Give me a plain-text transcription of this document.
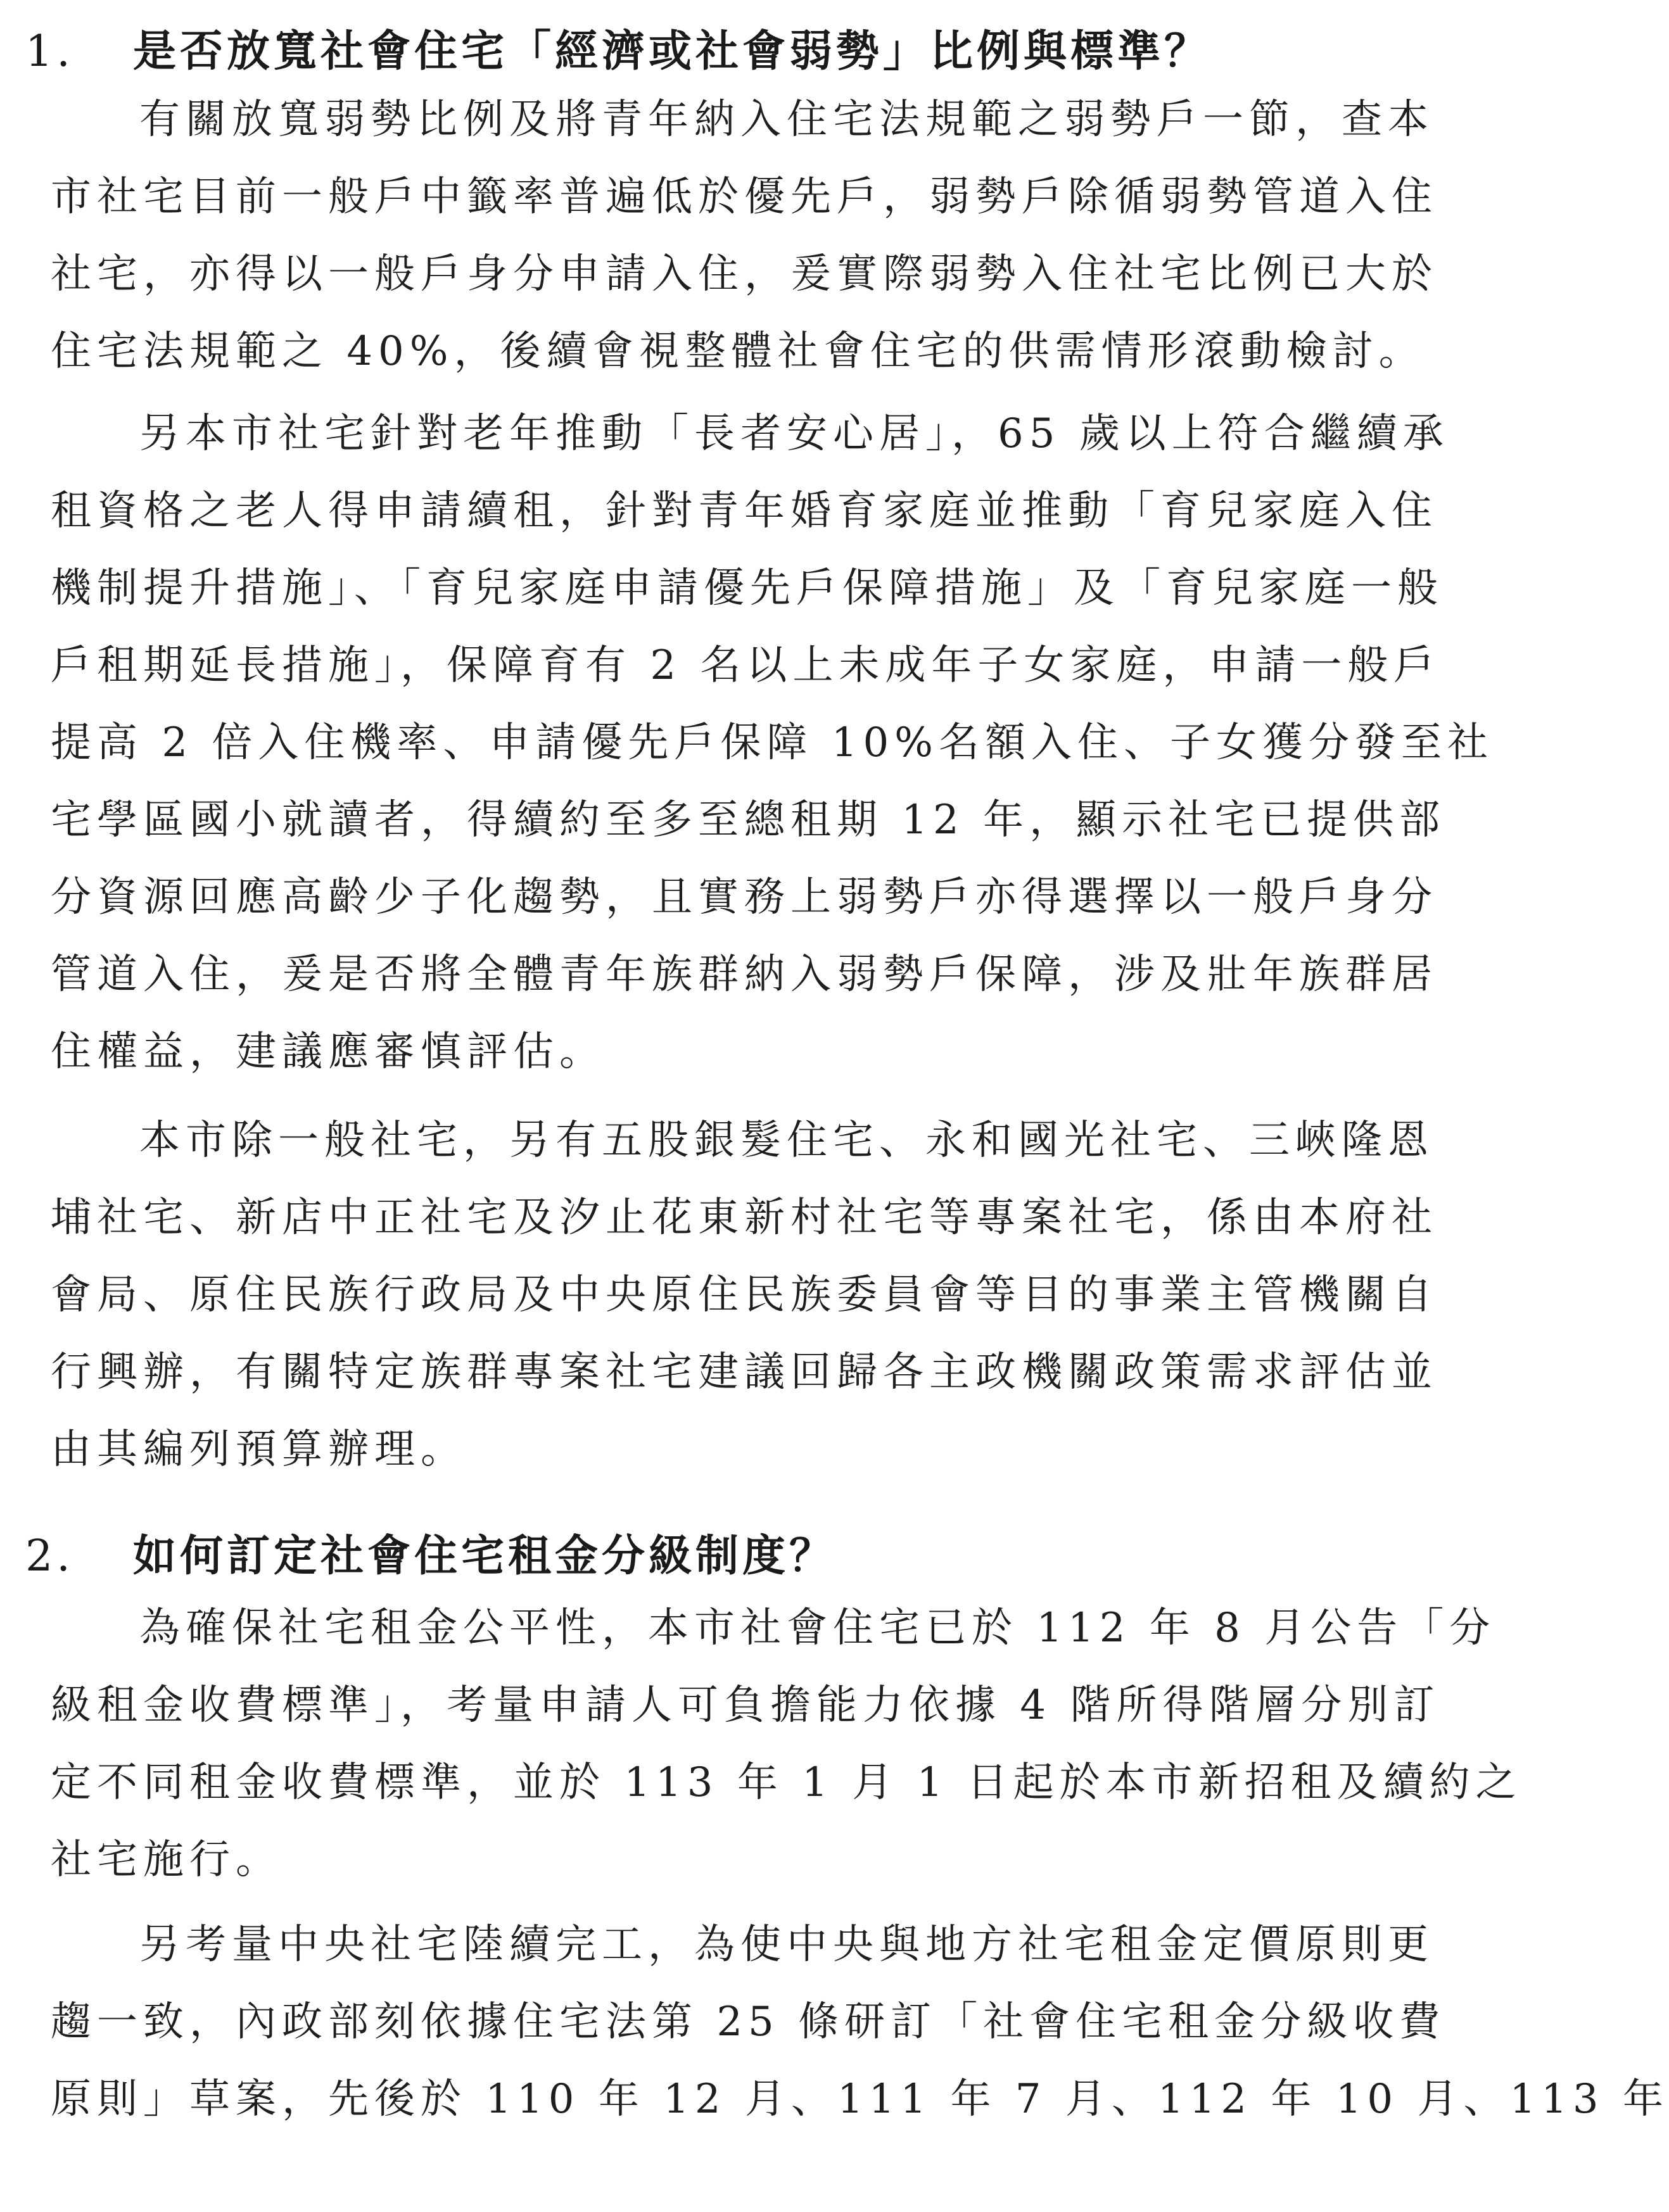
1. 是否放寬社會住宅「經濟或社會弱勢」比例與標準？
有關放寬弱勢比例及將青年納入住宅法規範之弱勢戶一節，查本
市社宅目前一般戶中籤率普遍低於優先戶，弱勢戶除循弱勢管道入住
社宅，亦得以一般戶身分申請入住，爰實際弱勢入住社宅比例已大於
住宅法規範之 40%，後續會視整體社會住宅的供需情形滾動檢討。
另本市社宅針對老年推動「長者安心居」，65 歲以上符合繼續承
租資格之老人得申請續租，針對青年婚育家庭並推動「育兒家庭入住
機制提升措施」、「育兒家庭申請優先戶保障措施」及「育兒家庭一般
戶租期延長措施」，保障育有 2 名以上未成年子女家庭，申請一般戶
提高 2 倍入住機率、申請優先戶保障 10%名額入住、子女獲分發至社
宅學區國小就讀者，得續約至多至總租期 12 年，顯示社宅已提供部
分資源回應高齡少子化趨勢，且實務上弱勢戶亦得選擇以一般戶身分
管道入住，爰是否將全體青年族群納入弱勢戶保障，涉及壯年族群居
住權益，建議應審慎評估。
本市除一般社宅，另有五股銀髮住宅、永和國光社宅、三峽隆恩
埔社宅、新店中正社宅及汐止花東新村社宅等專案社宅，係由本府社
會局、原住民族行政局及中央原住民族委員會等目的事業主管機關自
行興辦，有關特定族群專案社宅建議回歸各主政機關政策需求評估並
由其編列預算辦理。
2. 如何訂定社會住宅租金分級制度？
為確保社宅租金公平性，本市社會住宅已於 112 年 8 月公告「分
級租金收費標準」，考量申請人可負擔能力依據 4 階所得階層分別訂
定不同租金收費標準，並於 113 年 1 月 1 日起於本市新招租及續約之
社宅施行。
另考量中央社宅陸續完工，為使中央與地方社宅租金定價原則更
趨一致，內政部刻依據住宅法第 25 條研訂「社會住宅租金分級收費
原則」草案，先後於 110 年 12 月、111 年 7 月、112 年 10 月、113 年
